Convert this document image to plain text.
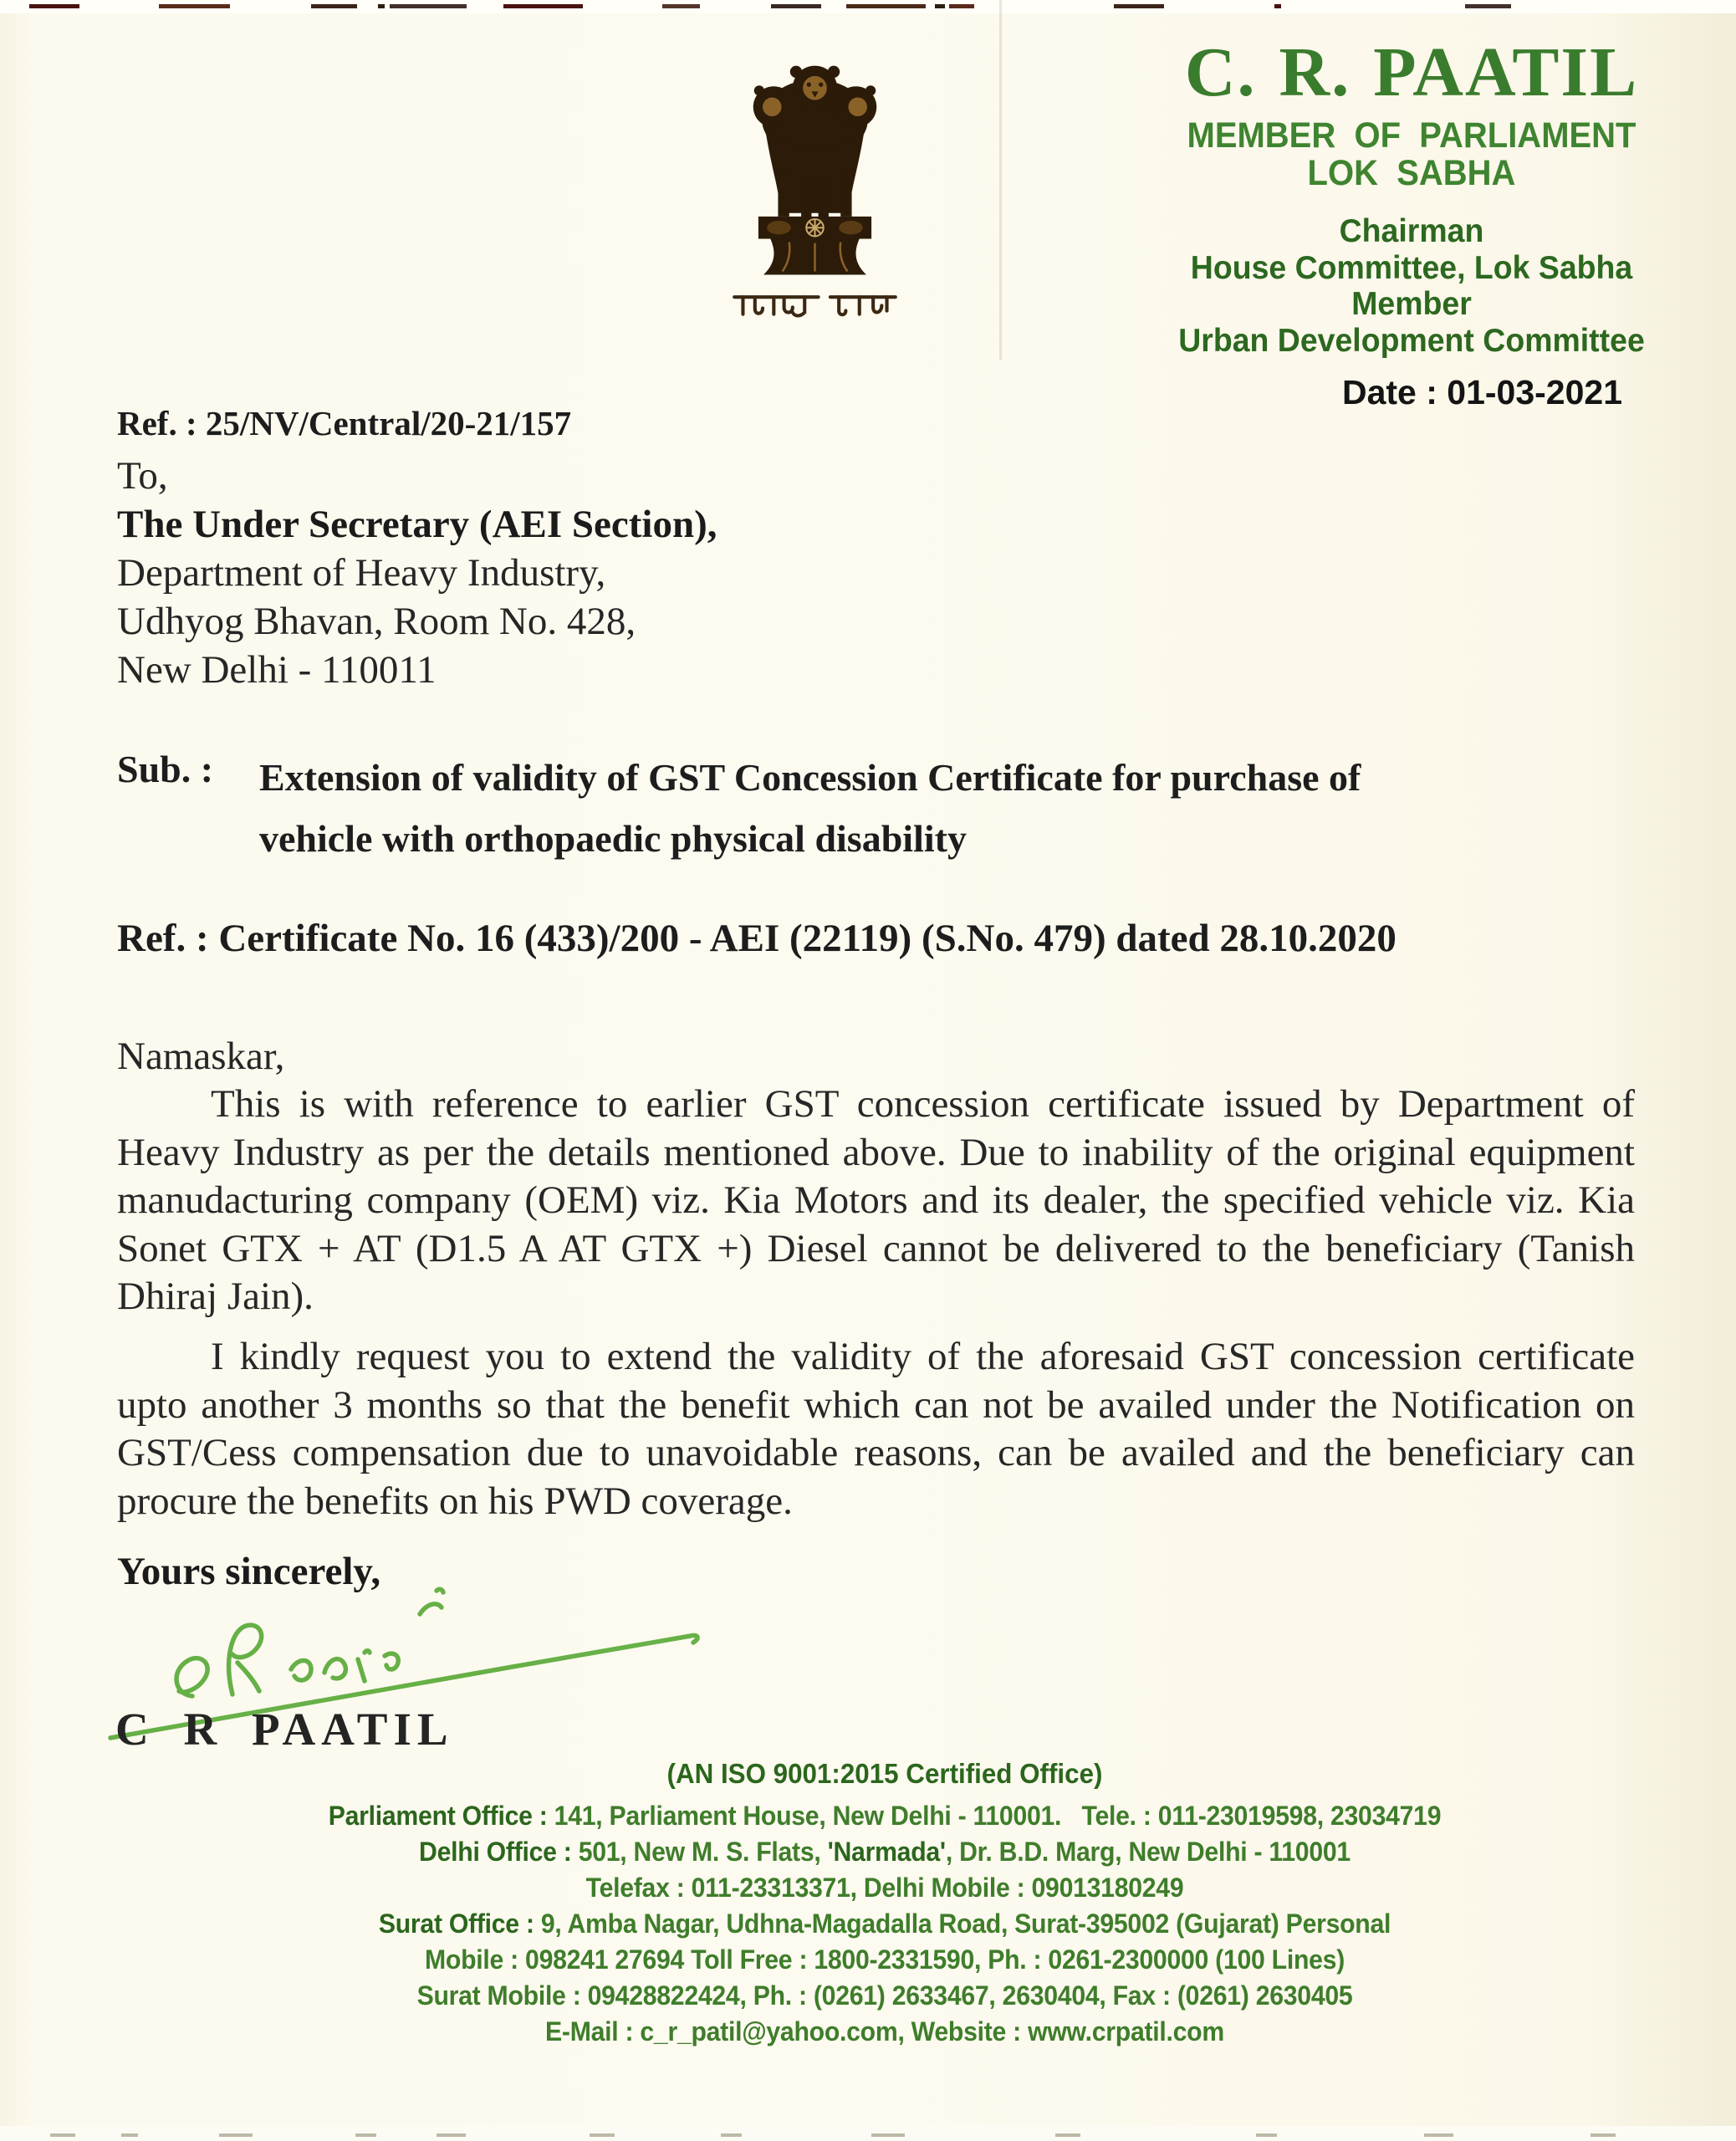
C. R. PAATIL
MEMBER OF PARLIAMENT
LOK SABHA
Chairman
House Committee, Lok Sabha
Member
Urban Development Committee
Date : 01-03-2021
Ref. : 25/NV/Central/20-21/157
To,
The Under Secretary (AEI Section),
Department of Heavy Industry,
Udhyog Bhavan, Room No. 428,
New Delhi - 110011
Sub. :	Extension of validity of GST Concession Certificate for purchase of
vehicle with orthopaedic physical disability
Ref. : Certificate No. 16 (433)/200 - AEI (22119) (S.No. 479) dated 28.10.2020
Namaskar,
This is with reference to earlier GST concession certificate issued by Department of Heavy Industry as per the details mentioned above. Due to inability of the original equipment manudacturing company (OEM) viz. Kia Motors and its dealer, the specified vehicle viz. Kia Sonet GTX + AT (D1.5 A AT GTX +) Diesel cannot be delivered to the beneficiary (Tanish Dhiraj Jain).
I kindly request you to extend the validity of the aforesaid GST concession certificate upto another 3 months so that the benefit which can not be availed under the Notification on GST/Cess compensation due to unavoidable reasons, can be availed and the beneficiary can procure the benefits on his PWD coverage.
Yours sincerely,
C R PAATIL
(AN ISO 9001:2015 Certified Office)
Parliament Office : 141, Parliament House, New Delhi - 110001.   Tele. : 011-23019598, 23034719
Delhi Office : 501, New M. S. Flats, 'Narmada', Dr. B.D. Marg, New Delhi - 110001
Telefax : 011-23313371, Delhi Mobile : 09013180249
Surat Office : 9, Amba Nagar, Udhna-Magadalla Road, Surat-395002 (Gujarat) Personal
Mobile : 098241 27694 Toll Free : 1800-2331590, Ph. : 0261-2300000 (100 Lines)
Surat Mobile : 09428822424, Ph. : (0261) 2633467, 2630404, Fax : (0261) 2630405
E-Mail : c_r_patil@yahoo.com, Website : www.crpatil.com
